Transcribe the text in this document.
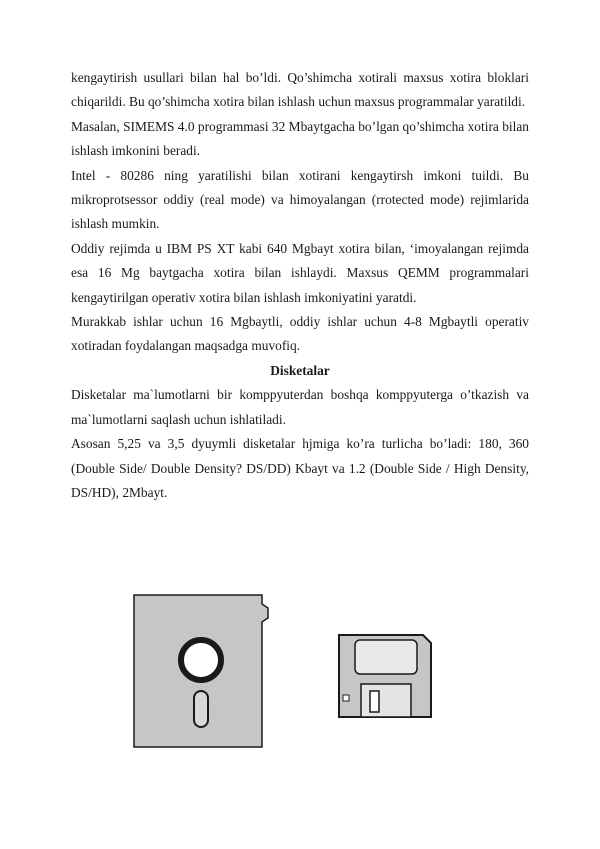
kengaytirish usullari bilan hal bo’ldi. Qo’shimcha xotirali maxsus xotira bloklari chiqarildi. Bu qo’shimcha xotira bilan ishlash uchun maxsus programmalar yaratildi.

Masalan, SIMEMS 4.0 programmasi 32 Mbaytgacha bo’lgan qo’shimcha xotira bilan ishlash imkonini beradi.

Intel - 80286 ning yaratilishi bilan xotirani kengaytirsh imkoni tuildi. Bu mikroprotsessor oddiy (real mode) va himoyalangan (rrotected mode) rejimlarida ishlash mumkin.

Oddiy rejimda u IBM PS XT kabi 640 Mgbayt xotira bilan, ‘imoyalangan rejimda esa 16 Mg baytgacha xotira bilan ishlaydi. Maxsus QEMM programmalari kengaytirilgan operativ xotira bilan ishlash imkoniyatini yaratdi.

Murakkab ishlar uchun 16 Mgbaytli, oddiy ishlar uchun 4-8 Mgbaytli operativ xotiradan foydalangan maqsadga muvofiq.

Disketalar

Disketalar ma`lumotlarni bir komppyuterdan boshqa komppyuterga o’tkazish va ma`lumotlarni saqlash uchun ishlatiladi.

Asosan 5,25 va 3,5 dyuymli disketalar hjmiga ko’ra turlicha bo’ladi: 180, 360 (Double Side/ Double Density? DS/DD) Kbayt va 1.2 (Double Side / High Density, DS/HD), 2Mbayt.
